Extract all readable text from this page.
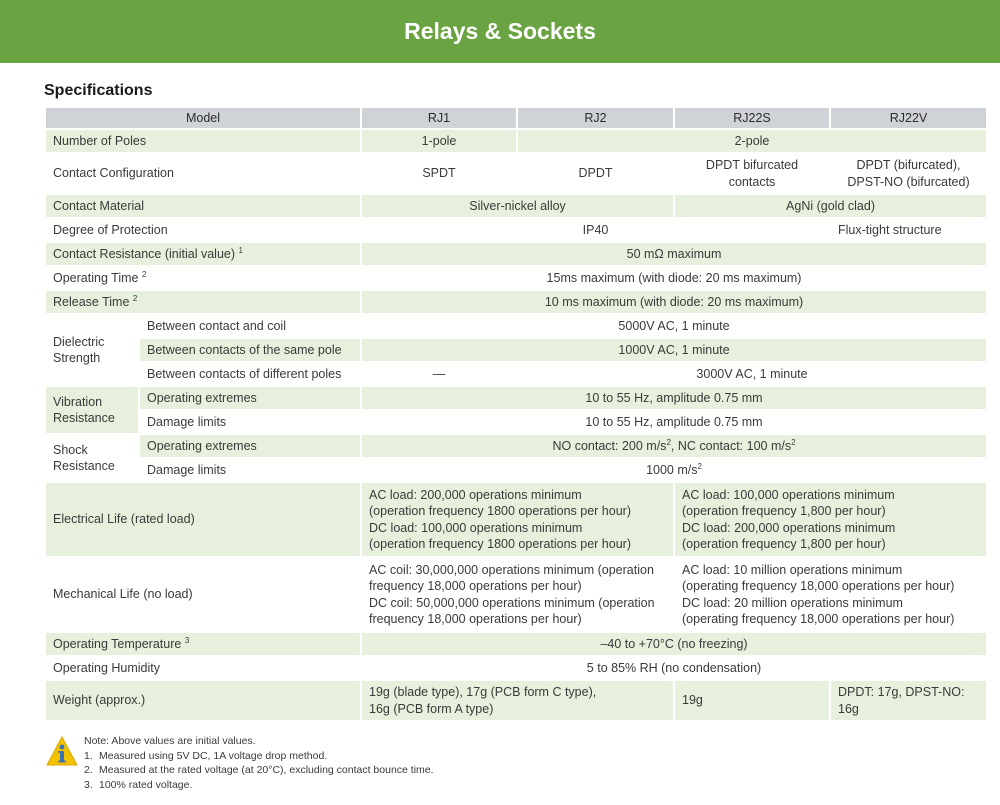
Relays & Sockets
Specifications
Model		RJ1	RJ2	RJ22S	RJ22V
Number of Poles		1-pole	2-pole		
Contact Configuration		SPDT	DPDT	DPDT bifurcated contacts	DPDT (bifurcated),
DPST-NO (bifurcated)
Contact Material		Silver-nickel alloy		AgNi (gold clad)	
Degree of Protection		IP40			Flux-tight structure
Contact Resistance (initial value) $^1$		50 mΩ maximum			
Operating Time $^2$		15ms maximum (with diode: 20 ms maximum)			
Release Time $^2$		10 ms maximum (with diode: 20 ms maximum)			
Dielectric
Strength	Between contact and coil	5000V AC, 1 minute			
	Between contacts of the same pole	1000V AC, 1 minute			
	Between contacts of different poles	—	3000V AC, 1 minute		
Vibration
Resistance	Operating extremes	10 to 55 Hz, amplitude 0.75 mm			
	Damage limits	10 to 55 Hz, amplitude 0.75 mm			
Shock
Resistance	Operating extremes	NO contact: 200 $m/s^2$, NC contact: 100 $m/s^2$
	Damage limits	1000 $m/s^2$
Electrical Life (rated load)		AC load: 200,000 operations minimum
(operation frequency 1800 operations per hour)
DC load: 100,000 operations minimum
(operation frequency 1800 operations per hour)		AC load: 100,000 operations minimum
(operation frequency 1,800 per hour)
DC load: 200,000 operations minimum
(operation frequency 1,800 per hour)	
Mechanical Life (no load)		AC coil: 30,000,000 operations minimum (operation
frequency 18,000 operations per hour)
DC coil: 50,000,000 operations minimum (operation
frequency 18,000 operations per hour)		AC load: 10 million operations minimum
(operating frequency 18,000 operations per hour)
DC load: 20 million operations minimum
(operating frequency 18,000 operations per hour)	
Operating Temperature $^3$		–40 to +70°C (no freezing)			
Operating Humidity		5 to 85% RH (no condensation)			
Weight (approx.)		19g (blade type), 17g (PCB form C type),
16g (PCB form A type)		19g	DPDT: 17g, DPST-NO: 16g
Note: Above values are initial values.
1. Measured using 5V DC, 1A voltage drop method.
2. Measured at the rated voltage (at 20°C), excluding contact bounce time.
3. 100% rated voltage.
